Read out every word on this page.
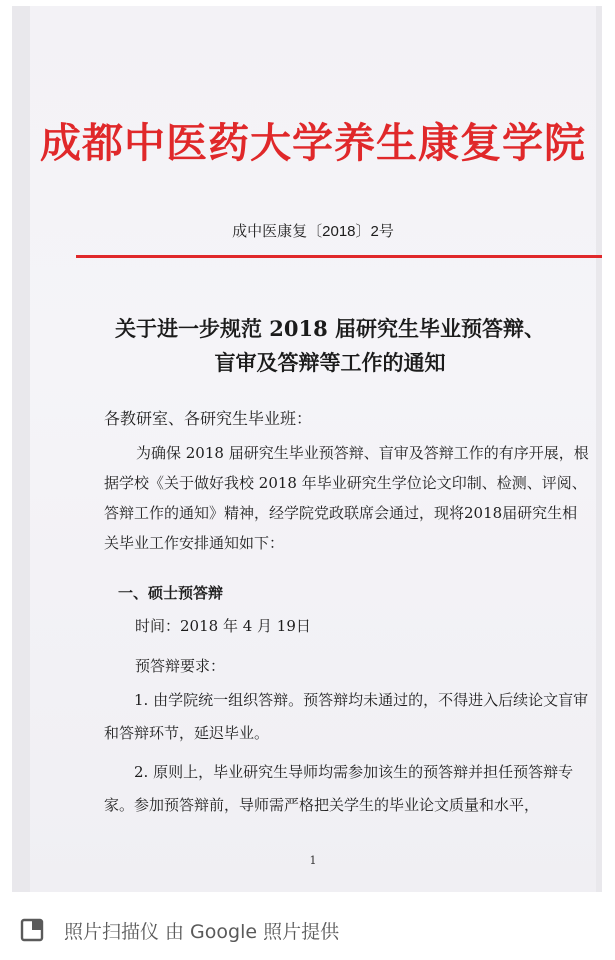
成都中医药大学养生康复学院
成中医康复〔2018〕2号
关于进一步规范 2018 届研究生毕业预答辩、
盲审及答辩等工作的通知
各教研室、各研究生毕业班：
为确保 2018 届研究生毕业预答辩、盲审及答辩工作的有序开展，根据学校《关于做好我校 2018 年毕业研究生学位论文印制、检测、评阅、答辩工作的通知》精神，经学院党政联席会通过，现将2018届研究生相关毕业工作安排通知如下：
一、硕士预答辩
时间：2018 年 4 月 19日
预答辩要求：
1. 由学院统一组织答辩。预答辩均未通过的，不得进入后续论文盲审和答辩环节，延迟毕业。
2. 原则上，毕业研究生导师均需参加该生的预答辩并担任预答辩专家。参加预答辩前，导师需严格把关学生的毕业论文质量和水平，
1
照片扫描仪 由 Google 照片提供
